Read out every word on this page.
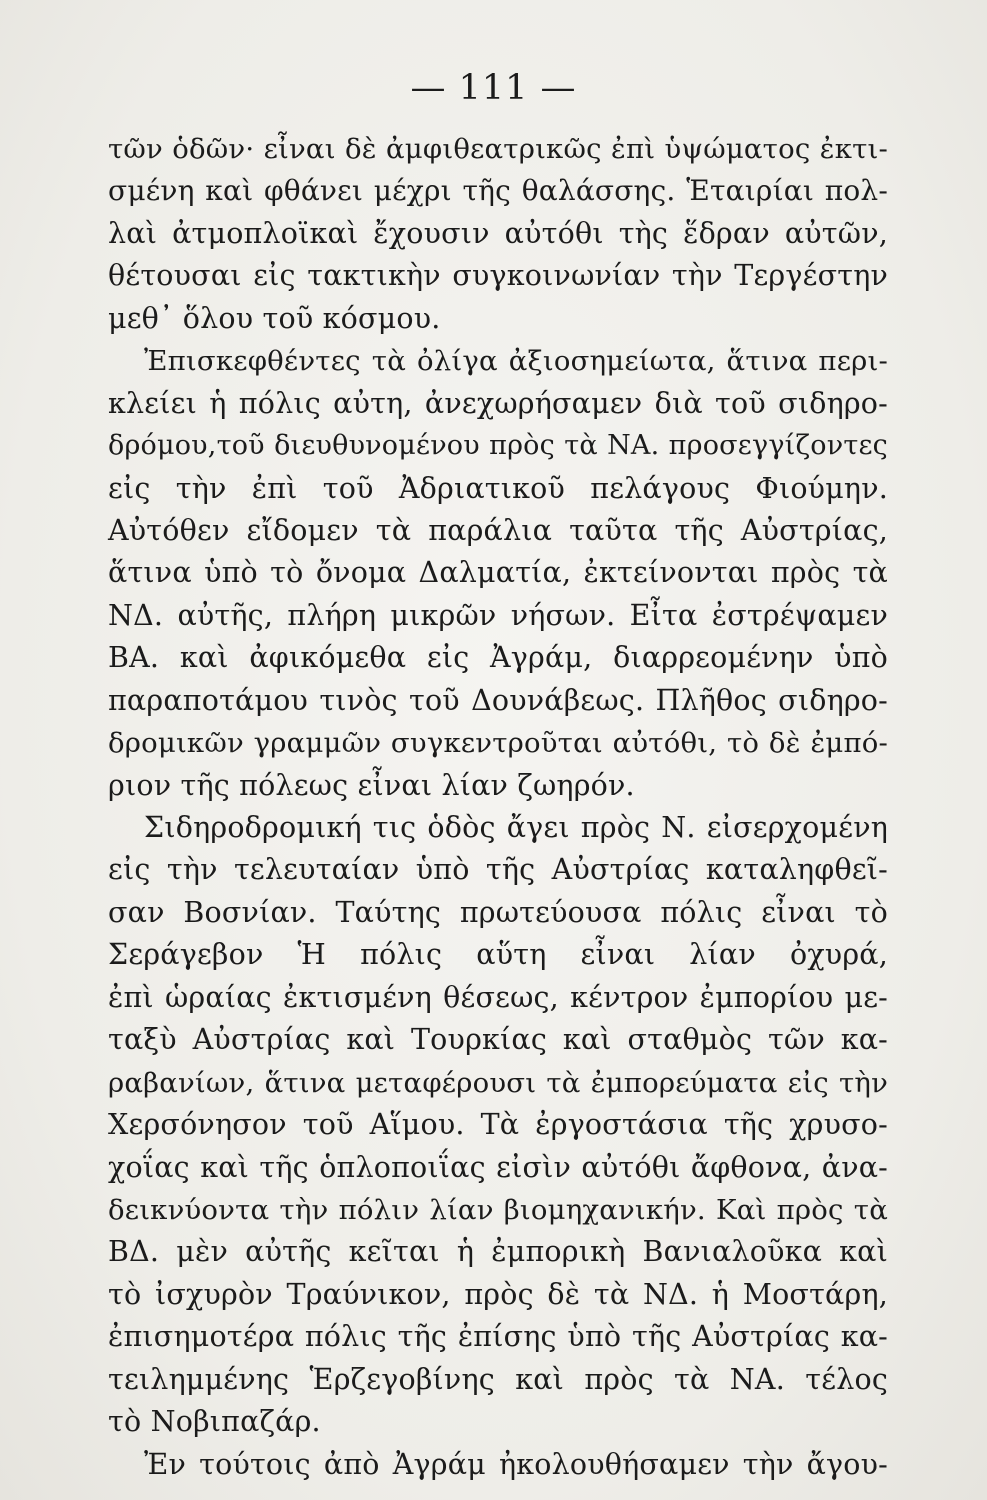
— 111 —
τῶν ὁδῶν· εἶναι δὲ ἀμφιθεατρικῶς ἐπὶ ὑψώματος ἐκτι-
σμένη καὶ φθάνει μέχρι τῆς θαλάσσης. Ἑταιρίαι πολ-
λαὶ ἀτμοπλοϊκαὶ ἔχουσιν αὐτόθι τὴς ἕδραν αὐτῶν,
θέτουσαι εἰς τακτικὴν συγκοινωνίαν τὴν Τεργέστην
μεθ᾽ ὅλου τοῦ κόσμου.
Ἐπισκεφθέντες τὰ ὀλίγα ἀξιοσημείωτα, ἅτινα περι-
κλείει ἡ πόλις αὐτη, ἀνεχωρήσαμεν διὰ τοῦ σιδηρο-
δρόμου,τοῦ διευθυνομένου πρὸς τὰ ΝΑ. προσεγγίζοντες
εἰς τὴν ἐπὶ τοῦ Ἀδριατικοῦ πελάγους Φιούμην.
Αὐτόθεν εἴδομεν τὰ παράλια ταῦτα τῆς Αὐστρίας,
ἅτινα ὑπὸ τὸ ὄνομα Δαλματία, ἐκτείνονται πρὸς τὰ
ΝΔ. αὐτῆς, πλήρη μικρῶν νήσων. Εἶτα ἐστρέψαμεν
ΒΑ. καὶ ἀφικόμεθα εἰς Ἀγράμ, διαρρεομένην ὑπὸ
παραποτάμου τινὸς τοῦ Δουνάβεως. Πλῆθος σιδηρο-
δρομικῶν γραμμῶν συγκεντροῦται αὐτόθι, τὸ δὲ ἐμπό-
ριον τῆς πόλεως εἶναι λίαν ζωηρόν.
Σιδηροδρομική τις ὁδὸς ἄγει πρὸς Ν. εἰσερχομένη
εἰς τὴν τελευταίαν ὑπὸ τῆς Αὐστρίας καταληφθεῖ-
σαν Βοσνίαν. Ταύτης πρωτεύουσα πόλις εἶναι τὸ
Σεράγεβον Ἡ πόλις αὕτη εἶναι λίαν ὀχυρά,
ἐπὶ ὡραίας ἐκτισμένη θέσεως, κέντρον ἐμπορίου με-
ταξὺ Αὐστρίας καὶ Τουρκίας καὶ σταθμὸς τῶν κα-
ραβανίων, ἅτινα μεταφέρουσι τὰ ἐμπορεύματα εἰς τὴν
Χερσόνησον τοῦ Αἵμου. Τὰ ἐργοστάσια τῆς χρυσο-
χοΐας καὶ τῆς ὁπλοποιΐας εἰσὶν αὐτόθι ἄφθονα, ἀνα-
δεικνύοντα τὴν πόλιν λίαν βιομηχανικήν. Καὶ πρὸς τὰ
ΒΔ. μὲν αὐτῆς κεῖται ἡ ἐμπορικὴ Βανιαλοῦκα καὶ
τὸ ἰσχυρὸν Τραύνικον, πρὸς δὲ τὰ ΝΔ. ἡ Μοστάρη,
ἐπισημοτέρα πόλις τῆς ἐπίσης ὑπὸ τῆς Αὐστρίας κα-
τειλημμένης Ἑρζεγοβίνης καὶ πρὸς τὰ ΝΑ. τέλος
τὸ Νοβιπαζάρ.
Ἐν τούτοις ἀπὸ Ἀγράμ ἠκολουθήσαμεν τὴν ἄγου-
